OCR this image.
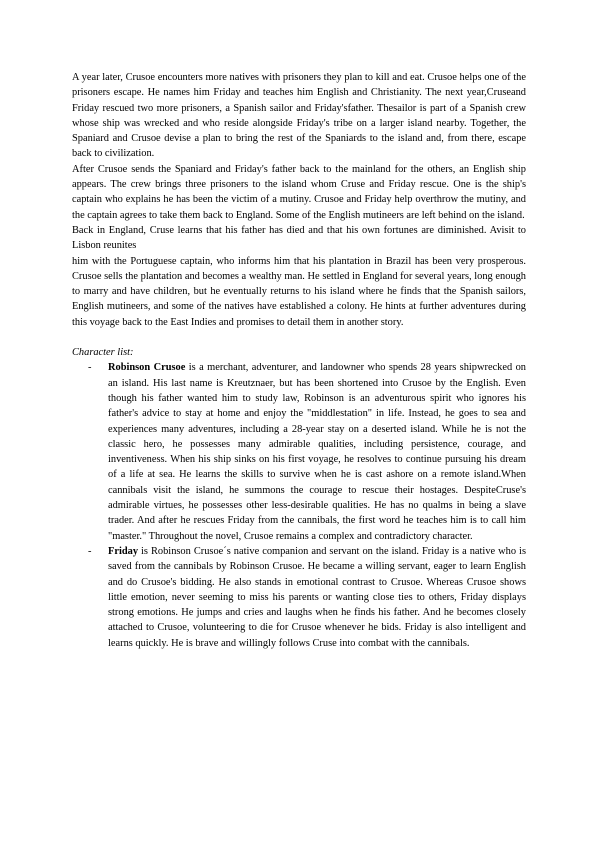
A year later, Crusoe encounters more natives with prisoners they plan to kill and eat. Crusoe helps one of the prisoners escape. He names him Friday and teaches him English and Christianity. The next year,Cruseand Friday rescued two more prisoners, a Spanish sailor and Friday'sfather. Thesailor is part of a Spanish crew whose ship was wrecked and who reside alongside Friday's tribe on a larger island nearby. Together, the Spaniard and Crusoe devise a plan to bring the rest of the Spaniards to the island and, from there, escape back to civilization.

After Crusoe sends the Spaniard and Friday's father back to the mainland for the others, an English ship appears. The crew brings three prisoners to the island whom Cruse and Friday rescue. One is the ship's captain who explains he has been the victim of a mutiny. Crusoe and Friday help overthrow the mutiny, and the captain agrees to take them back to England. Some of the English mutineers are left behind on the island.

Back in England, Cruse learns that his father has died and that his own fortunes are diminished. Avisit to Lisbon reunites

him with the Portuguese captain, who informs him that his plantation in Brazil has been very prosperous. Crusoe sells the plantation and becomes a wealthy man. He settled in England for several years, long enough to marry and have children, but he eventually returns to his island where he finds that the Spanish sailors, English mutineers, and some of the natives have established a colony. He hints at further adventures during this voyage back to the East Indies and promises to detail them in another story.

Character list:

- Robinson Crusoe is a merchant, adventurer, and landowner who spends 28 years shipwrecked on an island. His last name is Kreutznaer, but has been shortened into Crusoe by the English. Even though his father wanted him to study law, Robinson is an adventurous spirit who ignores his father's advice to stay at home and enjoy the "middlestation" in life. Instead, he goes to sea and experiences many adventures, including a 28-year stay on a deserted island. While he is not the classic hero, he possesses many admirable qualities, including persistence, courage, and inventiveness. When his ship sinks on his first voyage, he resolves to continue pursuing his dream of a life at sea. He learns the skills to survive when he is cast ashore on a remote island.When cannibals visit the island, he summons the courage to rescue their hostages. DespiteCruse's admirable virtues, he possesses other less-desirable qualities. He has no qualms in being a slave trader. And after he rescues Friday from the cannibals, the first word he teaches him is to call him "master." Throughout the novel, Crusoe remains a complex and contradictory character.
- Friday is Robinson Crusoe´s native companion and servant on the island. Friday is a native who is saved from the cannibals by Robinson Crusoe. He became a willing servant, eager to learn English and do Crusoe's bidding. He also stands in emotional contrast to Crusoe. Whereas Crusoe shows little emotion, never seeming to miss his parents or wanting close ties to others, Friday displays strong emotions. He jumps and cries and laughs when he finds his father. And he becomes closely attached to Crusoe, volunteering to die for Crusoe whenever he bids. Friday is also intelligent and learns quickly. He is brave and willingly follows Cruse into combat with the cannibals.
